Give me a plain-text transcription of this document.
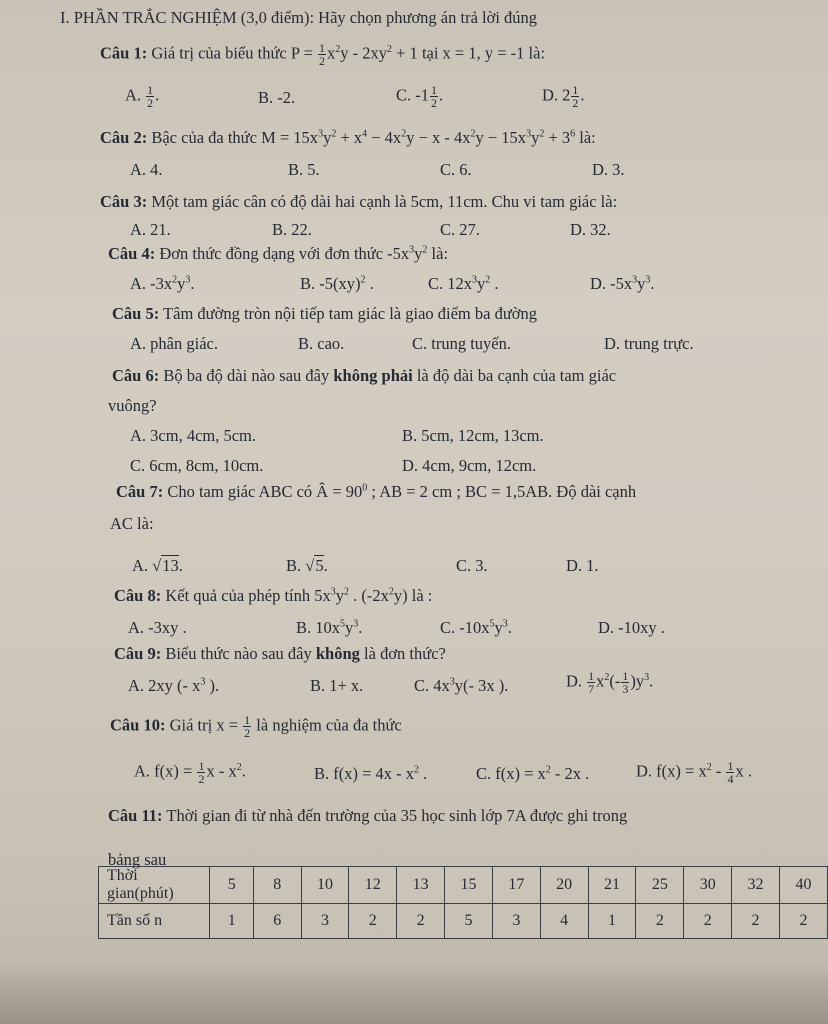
I. PHẦN TRẮC NGHIỆM (3,0 điểm): Hãy chọn phương án trả lời đúng
Câu 1: Giá trị của biểu thức $P = \frac{1}{2} x^2y - 2xy^2 + 1$ tại x = 1, y = -1 là:
A. $\frac{1}{2}$ .	B. -2.	C. $-1 \frac{1}{2}$ .	D. $2 \frac{1}{2}$ .
Câu 2: Bậc của đa thức $M = 15x^3y^2 + x^4 - 4x^2y - x - 4x^2y - 15x^3y^2 + 3^6$ là:
A. 4.	B. 5.	C. 6.	D. 3.
Câu 3: Một tam giác cân có độ dài hai cạnh là 5cm, 11cm. Chu vi tam giác là:
A. 21.	B. 22.	C. 27.	D. 32.
Câu 4: Đơn thức đồng dạng với đơn thức $-5x^3y^2$ là:
A. $-3x^2y^3$.	B. -5(xy)$^2$ .	C. $12x^3y^2$ .	D. $-5x^3y^3$.
Câu 5: Tâm đường tròn nội tiếp tam giác là giao điểm ba đường
A. phân giác.	B. cao.	C. trung tuyến.	D. trung trực.
Câu 6: Bộ ba độ dài nào sau đây không phải là độ dài ba cạnh của tam giác
vuông?
A. 3cm, 4cm, 5cm.	B. 5cm, 12cm, 13cm.
C. 6cm, 8cm, 10cm.	D. 4cm, 9cm, 12cm.
Câu 7: Cho tam giác ABC có Â = $90^0$ ; AB = 2 cm ; BC = 1,5AB. Độ dài cạnh
AC là:
A. √13.	B. √5.	C. 3.	D. 1.
Câu 8: Kết quả của phép tính $5x^3y^2$ . $(-2x^2y)$ là :
A. -3xy .	B. $10x^5y^3$.	C. $-10x^5y^3$.	D. -10xy .
Câu 9: Biểu thức nào sau đây không là đơn thức?
A. 2xy (- $x^3$ ).	B. 1+ x.	C. $4x^3y(-$ 3x ).	D. $\frac{1}{7} x^2(- \frac{1}{3} )y^3$.
Câu 10: Giá trị $x = \frac{1}{2}$ là nghiệm của đa thức
A. $f(x) = \frac{1}{2}$ x - $x^2$.	B. $f(x) = 4x - x^2$ .	C. $f(x) = x^2 - 2x$ .	D. $f(x) = x^2 - \frac{1}{4}$ x .
Câu 11: Thời gian đi từ nhà đến trường của 35 học sinh lớp 7A được ghi trong
bảng sau
Thời gian(phút)	5	8	10	12	13	15	17	20	21	25	30	32	40
Tần số n	1	6	3	2	2	5	3	4	1	2	2	2	2
